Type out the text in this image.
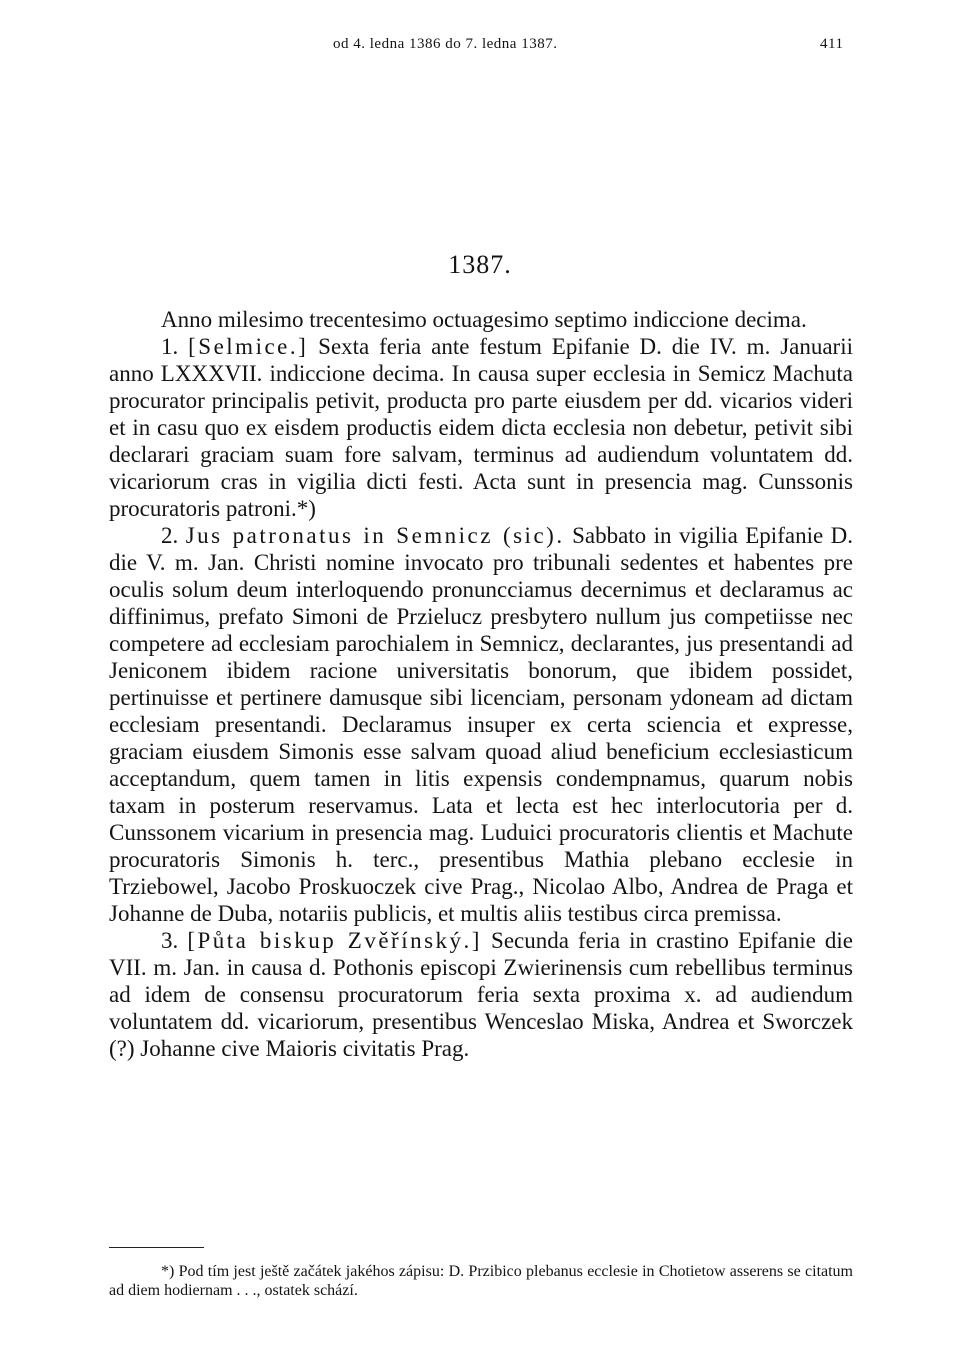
od 4. ledna 1386 do 7. ledna 1387.	411
1387.

Anno milesimo trecentesimo octuagesimo septimo indiccione decima.

1. [Selmice.] Sexta feria ante festum Epifanie D. die IV. m. Januarii anno LXXXVII. indiccione decima. In causa super ecclesia in Semicz Machuta procurator principalis petivit, producta pro parte eiusdem per dd. vicarios videri et in casu quo ex eisdem productis eidem dicta ecclesia non debetur, petivit sibi declarari graciam suam fore salvam, terminus ad audiendum voluntatem dd. vicariorum cras in vigilia dicti festi. Acta sunt in presencia mag. Cunssonis procuratoris patroni.*)

2. Jus patronatus in Semnicz (sic). Sabbato in vigilia Epifanie D. die V. m. Jan. Christi nomine invocato pro tribunali sedentes et habentes pre oculis solum deum interloquendo pronuncciamus decernimus et declaramus ac diffinimus, prefato Simoni de Przielucz presbytero nullum jus competiisse nec competere ad ecclesiam parochialem in Semnicz, declarantes, jus presentandi ad Jeniconem ibidem racione universitatis bonorum, que ibidem possidet, pertinuisse et pertinere damusque sibi licenciam, personam ydoneam ad dictam ecclesiam presentandi. Declaramus insuper ex certa sciencia et expresse, graciam eiusdem Simonis esse salvam quoad aliud beneficium ecclesiasticum acceptandum, quem tamen in litis expensis condempnamus, quarum nobis taxam in posterum reservamus. Lata et lecta est hec interlocutoria per d. Cunssonem vicarium in presencia mag. Luduici procuratoris clientis et Machute procuratoris Simonis h. terc., presentibus Mathia plebano ecclesie in Trziebowel, Jacobo Proskuoczek cive Prag., Nicolao Albo, Andrea de Praga et Johanne de Duba, notariis publicis, et multis aliis testibus circa premissa.

3. [Půta biskup Zvěřínský.] Secunda feria in crastino Epifanie die VII. m. Jan. in causa d. Pothonis episcopi Zwierinensis cum rebellibus terminus ad idem de consensu procuratorum feria sexta proxima x. ad audiendum voluntatem dd. vicariorum, presentibus Wenceslao Miska, Andrea et Sworczek (?) Johanne cive Maioris civitatis Prag.

*) Pod tím jest ještě začátek jakéhos zápisu: D. Przibico plebanus ecclesie in Chotietow asserens se citatum ad diem hodiernam . . ., ostatek schází.
